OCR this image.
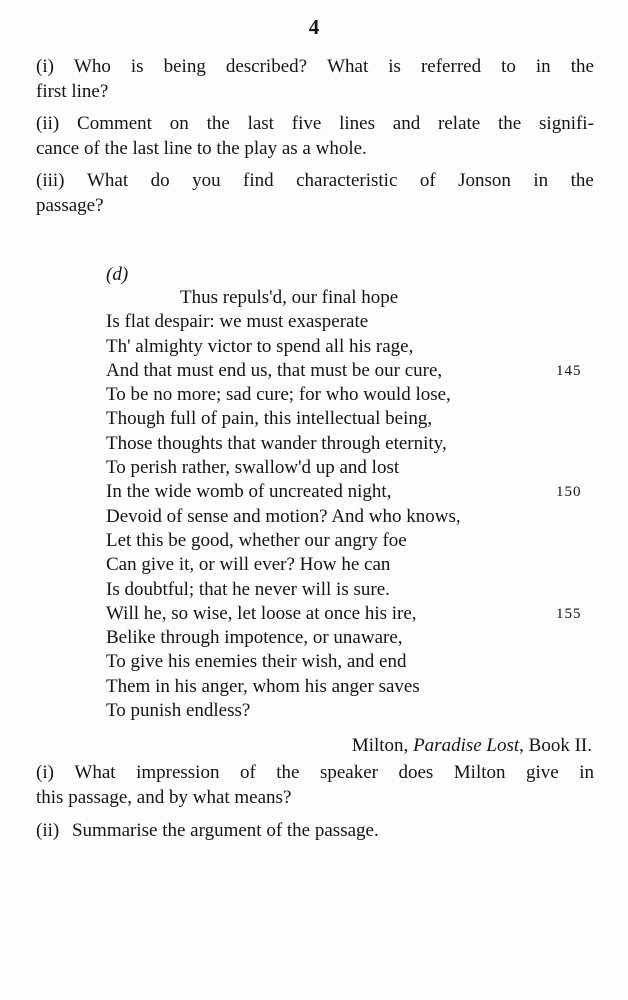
4
(i) Who is being described? What is referred to in the
first line?
(ii) Comment on the last five lines and relate the signifi-
cance of the last line to the play as a whole.
(iii) What do you find characteristic of Jonson in the
passage?
(d)
Thus repuls'd, our final hope
Is flat despair: we must exasperate
Th' almighty victor to spend all his rage,
And that must end us, that must be our cure,	145
To be no more; sad cure; for who would lose,
Though full of pain, this intellectual being,
Those thoughts that wander through eternity,
To perish rather, swallow'd up and lost
In the wide womb of uncreated night,	150
Devoid of sense and motion? And who knows,
Let this be good, whether our angry foe
Can give it, or will ever? How he can
Is doubtful; that he never will is sure.
Will he, so wise, let loose at once his ire,	155
Belike through impotence, or unaware,
To give his enemies their wish, and end
Them in his anger, whom his anger saves
To punish endless?
Milton, Paradise Lost, Book II.
(i) What impression of the speaker does Milton give in
this passage, and by what means?
(ii) Summarise the argument of the passage.
